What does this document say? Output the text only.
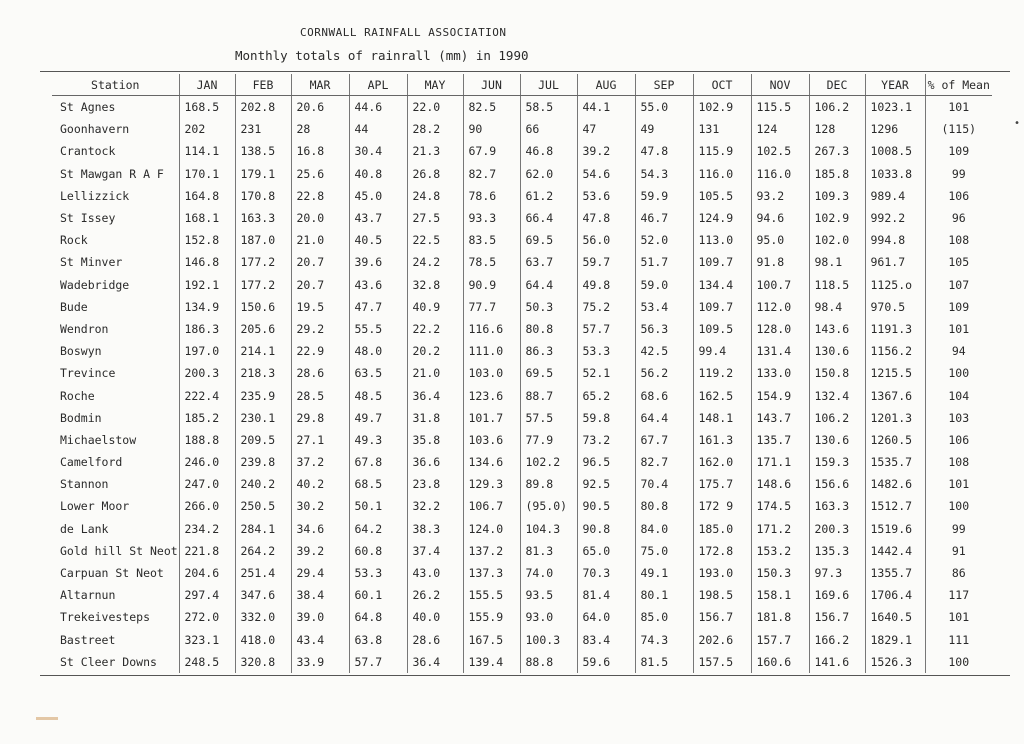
CORNWALL RAINFALL ASSOCIATION
Monthly totals of rainrall (mm) in 1990
Station	JAN	FEB	MAR	APL	MAY	JUN	JUL	AUG	SEP	OCT	NOV	DEC	YEAR	% of Mean
St Agnes	168.5	202.8	20.6	44.6	22.0	82.5	58.5	44.1	55.0	102.9	115.5	106.2	1023.1	101
Goonhavern	202	231	28	44	28.2	90	66	47	49	131	124	128	1296	(115)
Crantock	114.1	138.5	16.8	30.4	21.3	67.9	46.8	39.2	47.8	115.9	102.5	267.3	1008.5	109
St Mawgan R A F	170.1	179.1	25.6	40.8	26.8	82.7	62.0	54.6	54.3	116.0	116.0	185.8	1033.8	99
Lellizzick	164.8	170.8	22.8	45.0	24.8	78.6	61.2	53.6	59.9	105.5	93.2	109.3	989.4	106
St Issey	168.1	163.3	20.0	43.7	27.5	93.3	66.4	47.8	46.7	124.9	94.6	102.9	992.2	96
Rock	152.8	187.0	21.0	40.5	22.5	83.5	69.5	56.0	52.0	113.0	95.0	102.0	994.8	108
St Minver	146.8	177.2	20.7	39.6	24.2	78.5	63.7	59.7	51.7	109.7	91.8	98.1	961.7	105
Wadebridge	192.1	177.2	20.7	43.6	32.8	90.9	64.4	49.8	59.0	134.4	100.7	118.5	1125.o	107
Bude	134.9	150.6	19.5	47.7	40.9	77.7	50.3	75.2	53.4	109.7	112.0	98.4	970.5	109
Wendron	186.3	205.6	29.2	55.5	22.2	116.6	80.8	57.7	56.3	109.5	128.0	143.6	1191.3	101
Boswyn	197.0	214.1	22.9	48.0	20.2	111.0	86.3	53.3	42.5	99.4	131.4	130.6	1156.2	94
Trevince	200.3	218.3	28.6	63.5	21.0	103.0	69.5	52.1	56.2	119.2	133.0	150.8	1215.5	100
Roche	222.4	235.9	28.5	48.5	36.4	123.6	88.7	65.2	68.6	162.5	154.9	132.4	1367.6	104
Bodmin	185.2	230.1	29.8	49.7	31.8	101.7	57.5	59.8	64.4	148.1	143.7	106.2	1201.3	103
Michaelstow	188.8	209.5	27.1	49.3	35.8	103.6	77.9	73.2	67.7	161.3	135.7	130.6	1260.5	106
Camelford	246.0	239.8	37.2	67.8	36.6	134.6	102.2	96.5	82.7	162.0	171.1	159.3	1535.7	108
Stannon	247.0	240.2	40.2	68.5	23.8	129.3	89.8	92.5	70.4	175.7	148.6	156.6	1482.6	101
Lower Moor	266.0	250.5	30.2	50.1	32.2	106.7	(95.0)	90.5	80.8	172 9	174.5	163.3	1512.7	100
de Lank	234.2	284.1	34.6	64.2	38.3	124.0	104.3	90.8	84.0	185.0	171.2	200.3	1519.6	99
Gold hill St Neot	221.8	264.2	39.2	60.8	37.4	137.2	81.3	65.0	75.0	172.8	153.2	135.3	1442.4	91
Carpuan St Neot	204.6	251.4	29.4	53.3	43.0	137.3	74.0	70.3	49.1	193.0	150.3	97.3	1355.7	86
Altarnun	297.4	347.6	38.4	60.1	26.2	155.5	93.5	81.4	80.1	198.5	158.1	169.6	1706.4	117
Trekeivesteps	272.0	332.0	39.0	64.8	40.0	155.9	93.0	64.0	85.0	156.7	181.8	156.7	1640.5	101
Bastreet	323.1	418.0	43.4	63.8	28.6	167.5	100.3	83.4	74.3	202.6	157.7	166.2	1829.1	111
St Cleer Downs	248.5	320.8	33.9	57.7	36.4	139.4	88.8	59.6	81.5	157.5	160.6	141.6	1526.3	100
•
